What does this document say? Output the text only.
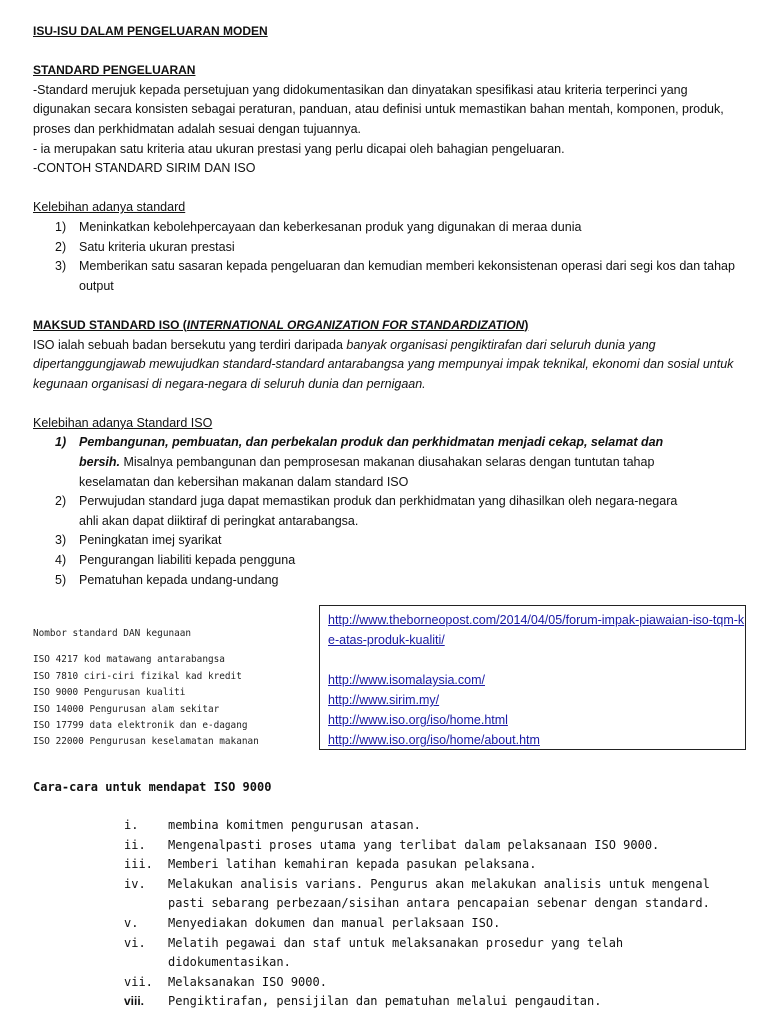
ISU-ISU DALAM PENGELUARAN MODEN

STANDARD PENGELUARAN

-Standard merujuk kepada persetujuan yang didokumentasikan dan dinyatakan spesifikasi atau kriteria terperinci yang digunakan secara konsisten sebagai peraturan, panduan, atau definisi untuk memastikan bahan mentah, komponen, produk, proses dan perkhidmatan adalah sesuai dengan tujuannya.

- ia merupakan satu kriteria atau ukuran prestasi yang perlu dicapai oleh bahagian pengeluaran.

-CONTOH STANDARD SIRIM DAN ISO

Kelebihan adanya standard

1) Meninkatkan kebolehpercayaan dan keberkesanan produk yang digunakan di meraa dunia
2) Satu kriteria ukuran prestasi
3) Memberikan satu sasaran kepada pengeluaran dan kemudian memberi kekonsistenan operasi dari segi kos dan tahap output

MAKSUD STANDARD ISO (INTERNATIONAL ORGANIZATION FOR STANDARDIZATION)

ISO ialah sebuah badan bersekutu yang terdiri daripada banyak organisasi pengiktirafan dari seluruh dunia yang dipertanggungjawab mewujudkan standard-standard antarabangsa yang mempunyai impak teknikal, ekonomi dan sosial untuk kegunaan organisasi di negara-negara di seluruh dunia dan pernigaan.

Kelebihan adanya Standard ISO

1) Pembangunan, pembuatan, dan perbekalan produk dan perkhidmatan menjadi cekap, selamat dan bersih. Misalnya pembangunan dan pemprosesan makanan diusahakan selaras dengan tuntutan tahap keselamatan dan kebersihan makanan dalam standard ISO
2) Perwujudan standard juga dapat memastikan produk dan perkhidmatan yang dihasilkan oleh negara-negara ahli akan dapat diiktiraf di peringkat antarabangsa.
3) Peningkatan imej syarikat
4) Pengurangan liabiliti kepada pengguna
5) Pematuhan kepada undang-undang
http://www.theborneopost.com/2014/04/05/forum-impak-piawaian-iso-tqm-ke-atas-produk-kualiti/
http://www.isomalaysia.com/
http://www.sirim.my/
http://www.iso.org/iso/home.html
http://www.iso.org/iso/home/about.htm
Nombor standard DAN kegunaan
ISO 4217 kod matawang antarabangsa
ISO 7810 ciri-ciri fizikal kad kredit
ISO 9000 Pengurusan kualiti
ISO 14000 Pengurusan alam sekitar
ISO 17799 data elektronik dan e-dagang
ISO 22000 Pengurusan keselamatan makanan
Cara-cara untuk mendapat ISO 9000
i. membina komitmen pengurusan atasan.
ii. Mengenalpasti proses utama yang terlibat dalam pelaksanaan ISO 9000.
iii. Memberi latihan kemahiran kepada pasukan pelaksana.
iv. Melakukan analisis varians. Pengurus akan melakukan analisis untuk mengenal pasti sebarang perbezaan/sisihan antara pencapaian sebenar dengan standard.
v. Menyediakan dokumen dan manual perlaksaan ISO.
vi. Melatih pegawai dan staf untuk melaksanakan prosedur yang telah didokumentasikan.
vii. Melaksanakan ISO 9000.
viii. Pengiktirafan, pensijilan dan pematuhan melalui pengauditan.
